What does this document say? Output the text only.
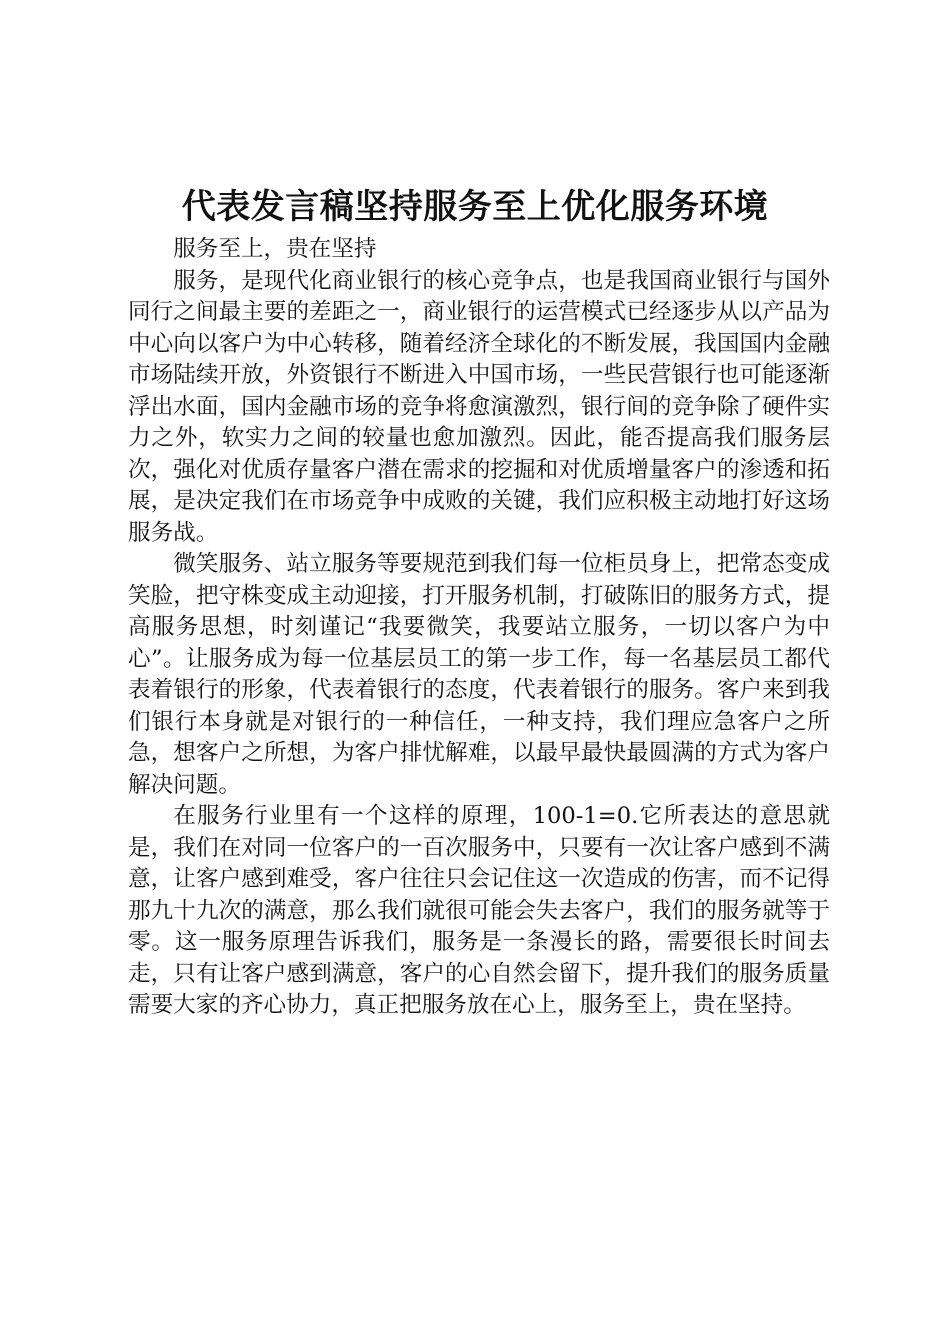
代表发言稿坚持服务至上优化服务环境

服务至上，贵在坚持

服务，是现代化商业银行的核心竞争点，也是我国商业银行与国外同行之间最主要的差距之一，商业银行的运营模式已经逐步从以产品为中心向以客户为中心转移，随着经济全球化的不断发展，我国国内金融市场陆续开放，外资银行不断进入中国市场，一些民营银行也可能逐渐浮出水面，国内金融市场的竞争将愈演激烈，银行间的竞争除了硬件实力之外，软实力之间的较量也愈加激烈。因此，能否提高我们服务层次，强化对优质存量客户潜在需求的挖掘和对优质增量客户的渗透和拓展，是决定我们在市场竞争中成败的关键，我们应积极主动地打好这场服务战。

微笑服务、站立服务等要规范到我们每一位柜员身上，把常态变成笑脸，把守株变成主动迎接，打开服务机制，打破陈旧的服务方式，提高服务思想，时刻谨记“我要微笑，我要站立服务，一切以客户为中心”。让服务成为每一位基层员工的第一步工作，每一名基层员工都代表着银行的形象，代表着银行的态度，代表着银行的服务。客户来到我们银行本身就是对银行的一种信任，一种支持，我们理应急客户之所急，想客户之所想，为客户排忧解难，以最早最快最圆满的方式为客户解决问题。

在服务行业里有一个这样的原理，100-1=0.它所表达的意思就是，我们在对同一位客户的一百次服务中，只要有一次让客户感到不满意，让客户感到难受，客户往往只会记住这一次造成的伤害，而不记得那九十九次的满意，那么我们就很可能会失去客户，我们的服务就等于零。这一服务原理告诉我们，服务是一条漫长的路，需要很长时间去走，只有让客户感到满意，客户的心自然会留下，提升我们的服务质量需要大家的齐心协力，真正把服务放在心上，服务至上，贵在坚持。
